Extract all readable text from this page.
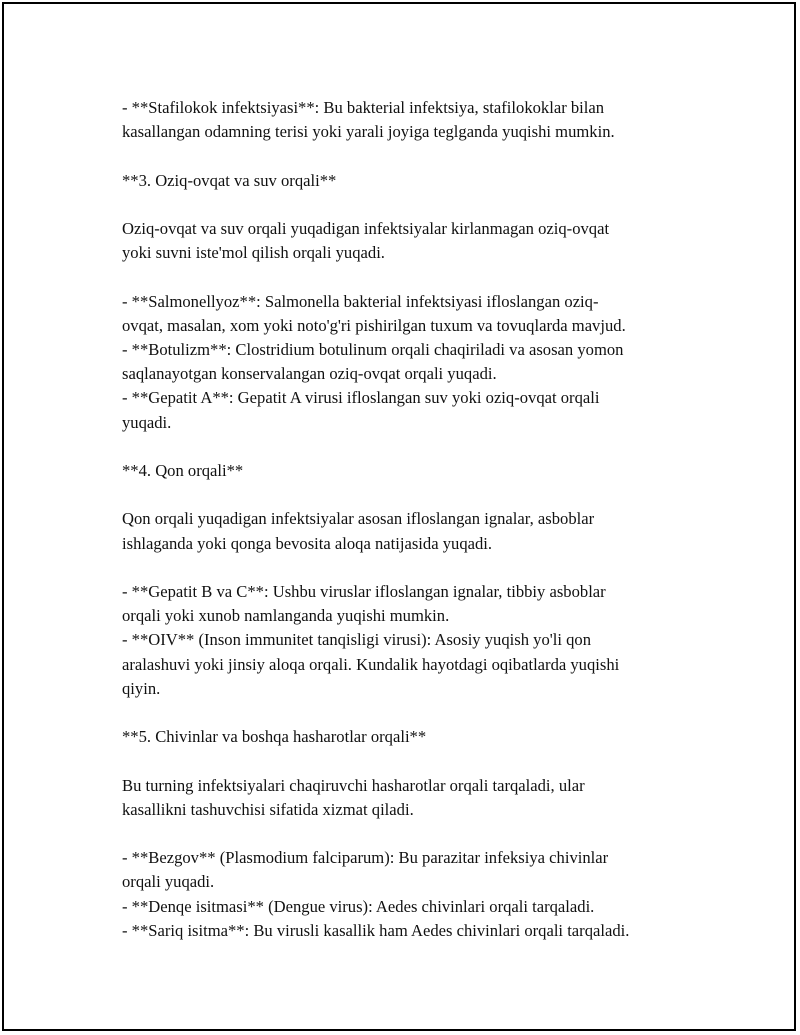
- **Stafilokok infektsiyasi**: Bu bakterial infektsiya, stafilokoklar bilan
kasallangan odamning terisi yoki yarali joyiga teglganda yuqishi mumkin.

**3. Oziq-ovqat va suv orqali**

Oziq-ovqat va suv orqali yuqadigan infektsiyalar kirlanmagan oziq-ovqat
yoki suvni iste'mol qilish orqali yuqadi.

- **Salmonellyoz**: Salmonella bakterial infektsiyasi ifloslangan oziq-
ovqat, masalan, xom yoki noto'g'ri pishirilgan tuxum va tovuqlarda mavjud.
- **Botulizm**: Clostridium botulinum orqali chaqiriladi va asosan yomon
saqlanayotgan konservalangan oziq-ovqat orqali yuqadi.
- **Gepatit A**: Gepatit A virusi ifloslangan suv yoki oziq-ovqat orqali
yuqadi.

**4. Qon orqali**

Qon orqali yuqadigan infektsiyalar asosan ifloslangan ignalar, asboblar
ishlaganda yoki qonga bevosita aloqa natijasida yuqadi.

- **Gepatit B va C**: Ushbu viruslar ifloslangan ignalar, tibbiy asboblar
orqali yoki xunob namlanganda yuqishi mumkin.
- **OIV** (Inson immunitet tanqisligi virusi): Asosiy yuqish yo'li qon
aralashuvi yoki jinsiy aloqa orqali. Kundalik hayotdagi oqibatlarda yuqishi
qiyin.

**5. Chivinlar va boshqa hasharotlar orqali**

Bu turning infektsiyalari chaqiruvchi hasharotlar orqali tarqaladi, ular
kasallikni tashuvchisi sifatida xizmat qiladi.

- **Bezgov** (Plasmodium falciparum): Bu parazitar infeksiya chivinlar
orqali yuqadi.
- **Denqe isitmasi** (Dengue virus): Aedes chivinlari orqali tarqaladi.
- **Sariq isitma**: Bu virusli kasallik ham Aedes chivinlari orqali tarqaladi.
